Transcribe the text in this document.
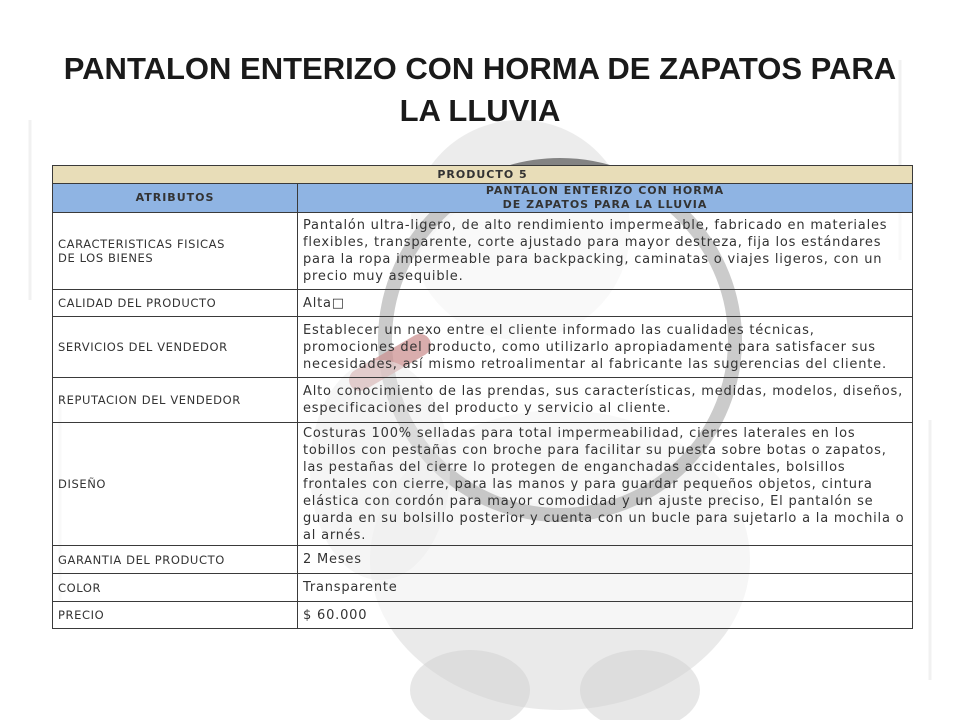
PANTALON ENTERIZO CON HORMA DE ZAPATOS PARA LA LLUVIA
PRODUCTO 5	
ATRIBUTOS	PANTALON ENTERIZO CON HORMA
DE ZAPATOS PARA LA LLUVIA

CARACTERISTICAS FISICAS
DE LOS BIENES	Pantalón ultra-ligero, de alto rendimiento impermeable, fabricado en materiales flexibles, transparente, corte ajustado para mayor destreza, fija los estándares para la ropa impermeable para backpacking, caminatas o viajes ligeros, con un precio muy asequible.
CALIDAD DEL PRODUCTO	Alta□
SERVICIOS DEL VENDEDOR	Establecer un nexo entre el cliente informado las cualidades técnicas, promociones del producto, como utilizarlo apropiadamente para satisfacer sus necesidades, así mismo retroalimentar al fabricante las sugerencias del cliente.
REPUTACION DEL VENDEDOR	Alto conocimiento de las prendas, sus características, medidas, modelos, diseños, especificaciones del producto y servicio al cliente.
DISEÑO	Costuras 100% selladas para total impermeabilidad, cierres laterales en los tobillos con pestañas con broche para facilitar su puesta sobre botas o zapatos, las pestañas del cierre lo protegen de enganchadas accidentales, bolsillos frontales con cierre, para las manos y para guardar pequeños objetos, cintura elástica con cordón para mayor comodidad y un ajuste preciso, El pantalón se guarda en su bolsillo posterior y cuenta con un bucle para sujetarlo a la mochila o al arnés.
GARANTIA DEL PRODUCTO	2 Meses
COLOR	Transparente
PRECIO	$ 60.000
